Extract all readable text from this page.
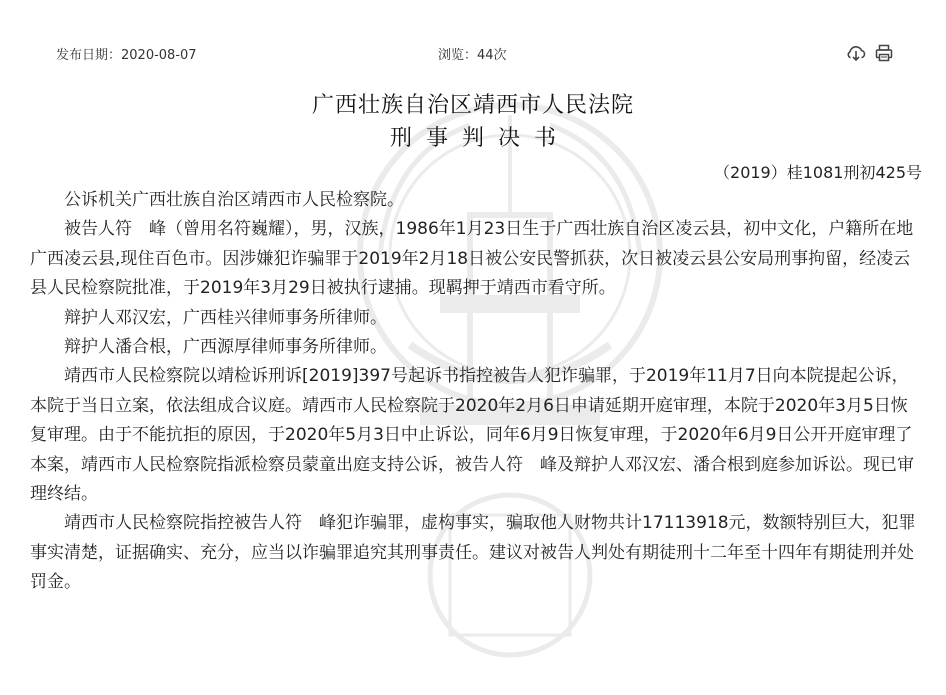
发布日期：2020-08-07	浏览：44次
广西壮族自治区靖西市人民法院
刑事判决书
（2019）桂1081刑初425号

公诉机关广西壮族自治区靖西市人民检察院。

被告人符　峰（曾用名符巍耀），男，汉族，1986年1月23日生于广西壮族自治区凌云县，初中文化，户籍所在地广西凌云县,现住百色市。因涉嫌犯诈骗罪于2019年2月18日被公安民警抓获，次日被凌云县公安局刑事拘留，经凌云县人民检察院批准，于2019年3月29日被执行逮捕。现羁押于靖西市看守所。

辩护人邓汉宏，广西桂兴律师事务所律师。

辩护人潘合根，广西源厚律师事务所律师。

靖西市人民检察院以靖检诉刑诉[2019]397号起诉书指控被告人犯诈骗罪，于2019年11月7日向本院提起公诉，本院于当日立案，依法组成合议庭。靖西市人民检察院于2020年2月6日申请延期开庭审理，本院于2020年3月5日恢复审理。由于不能抗拒的原因，于2020年5月3日中止诉讼，同年6月9日恢复审理，于2020年6月9日公开开庭审理了本案，靖西市人民检察院指派检察员蒙童出庭支持公诉，被告人符　峰及辩护人邓汉宏、潘合根到庭参加诉讼。现已审理终结。

靖西市人民检察院指控被告人符　峰犯诈骗罪，虚构事实，骗取他人财物共计17113918元，数额特别巨大，犯罪事实清楚，证据确实、充分，应当以诈骗罪追究其刑事责任。建议对被告人判处有期徒刑十二年至十四年有期徒刑并处罚金。
